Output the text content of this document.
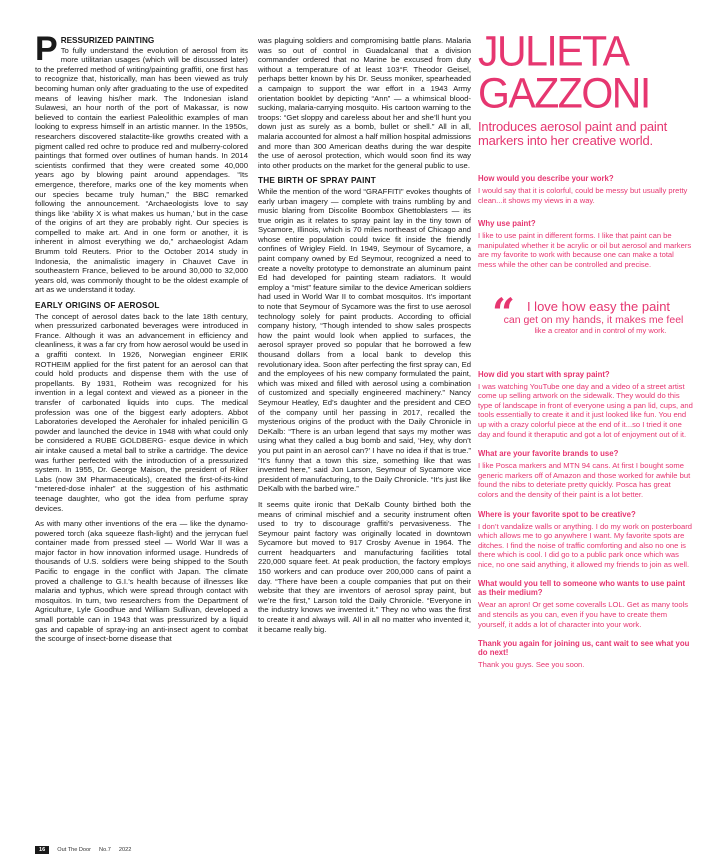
P RESSURIZED PAINTING
To fully understand the evolution of aerosol from its more utilitarian usages (which will be discussed later) to the preferred method of writing/painting graffiti, one first has to recognize that, historically, man has been viewed as truly becoming human only after graduating to the use of expedited means of leaving his/her mark. The Indonesian island Sulawesi, an hour north of the port of Makassar, is now believed to contain the earliest Paleolithic examples of man looking to express himself in an artistic manner. In the 1950s, researchers discovered stalactite-like growths created with a pigment called red ochre to produce red and mulberry-colored paintings that formed over outlines of human hands. In 2014 scientists confirmed that they were created some 40,000 years ago by blowing paint around appendages. “Its emergence, therefore, marks one of the key moments when our species became truly human,” the BBC remarked following the announcement. “Archaeologists love to say things like ‘ability X is what makes us human,’ but in the case of the origins of art they are probably right. Our species is compelled to make art. And in one form or another, it is inherent in almost everything we do,” archaeologist Adam Brumm told Reuters. Prior to the October 2014 study in Indonesia, the animalistic imagery in Chauvet Cave in southeastern France, believed to be around 30,000 to 32,000 years old, was commonly thought to be the oldest example of art as we understand it today.

EARLY ORIGINS OF AEROSOL

The concept of aerosol dates back to the late 18th century, when pressurized carbonated beverages were introduced in France. Although it was an advancement in efficiency and cleanliness, it was a far cry from how aerosol would be used in a graffiti context. In 1926, Norwegian engineer ERIK ROTHEIM applied for the first patent for an aerosol can that could hold products and dispense them with the use of propellants. By 1931, Rotheim was recognized for his invention in a legal context and viewed as a pioneer in the transfer of carbonated liquids into cups. The medical profession was one of the biggest early adopters. Abbot Laboratories developed the Aerohaler for inhaled penicillin G powder and launched the device in 1948 with what could only be considered a RUBE GOLDBERG- esque device in which air intake caused a metal ball to strike a cartridge. The device was further perfected with the introduction of a pressurized system. In 1955, Dr. George Maison, the president of Riker Labs (now 3M Pharmaceuticals), created the first-of-its-kind “metered-dose inhaler” at the suggestion of his asthmatic teenage daughter, who got the idea from perfume spray devices.

As with many other inventions of the era — like the dynamo-powered torch (aka squeeze flash-light) and the jerrycan fuel container made from pressed steel — World War II was a major factor in how innovation informed usage. Hundreds of thousands of U.S. soldiers were being shipped to the South Pacific to engage in the conflict with Japan. The climate proved a challenge to G.I.’s health because of illnesses like malaria and typhus, which were spread through contact with mosquitos. In turn, two researchers from the Department of Agriculture, Lyle Goodhue and William Sullivan, developed a small portable can in 1943 that was pressurized by a liquid gas and capable of spray-ing an anti-insect agent to combat the scourge of insect-borne disease that

was plaguing soldiers and compromising battle plans. Malaria was so out of control in Guadalcanal that a division commander ordered that no Marine be excused from duty without a temperature of at least 103°F. Theodor Geisel, perhaps better known by his Dr. Seuss moniker, spearheaded a campaign to support the war effort in a 1943 Army orientation booklet by depicting “Ann” — a whimsical blood-sucking, malaria-carrying mosquito. His cartoon warning to the troops: “Get sloppy and careless about her and she’ll hunt you down just as surely as a bomb, bullet or shell.” All in all, malaria accounted for almost a half million hospital admissions and more than 300 American deaths during the war despite the use of aerosol protection, which would soon find its way into other products on the market for the general public to use.

THE BIRTH OF SPRAY PAINT

While the mention of the word “GRAFFITI” evokes thoughts of early urban imagery — complete with trains rumbling by and music blaring from Discolite Boombox Ghettoblasters — its true origin as it relates to spray paint lay in the tiny town of Sycamore, Illinois, which is 70 miles northeast of Chicago and whose entire population could twice fit inside the friendly confines of Wrigley Field. In 1949, Seymour of Sycamore, a paint company owned by Ed Seymour, recognized a need to create a novelty prototype to demonstrate an aluminum paint Ed had developed for painting steam radiators. It would employ a “mist” feature similar to the device American soldiers had used in World War II to combat mosquitos. It’s important to note that Seymour of Sycamore was the first to use aerosol technology solely for paint products. According to official company history, “Though intended to show sales prospects how the paint would look when applied to surfaces, the aerosol sprayer proved so popular that he borrowed a few thousand dollars from a local bank to develop this revolutionary idea. Soon after perfecting the first spray can, Ed and the employees of his new company formulated the paint, which was mixed and filled with aerosol using a combination of customized and specially engineered machinery.” Nancy Seymour Heatley, Ed’s daughter and the president and CEO of the company until her passing in 2017, recalled the mysterious origins of the product with the Daily Chronicle in DeKalb: “There is an urban legend that says my mother was using what they called a bug bomb and said, ‘Hey, why don’t you put paint in an aerosol can?’ I have no idea if that is true.” “It’s funny that a town this size, something like that was invented here,” said Jon Larson, Seymour of Sycamore vice president of manufacturing, to the Daily Chronicle. “It’s just like DeKalb with the barbed wire.”

It seems quite ironic that DeKalb County birthed both the means of criminal mischief and a security instrument often used to try to discourage graffiti’s pervasiveness. The Seymour paint factory was originally located in downtown Sycamore but moved to 917 Crosby Avenue in 1964. The current headquarters and manufacturing facilities total 220,000 square feet. At peak production, the factory employs 150 workers and can produce over 200,000 cans of paint a day. “There have been a couple companies that put on their website that they are inventors of aerosol spray paint, but we’re the first,” Larson told the Daily Chronicle. “Everyone in the industry knows we invented it.” They no who was the first to create it and always will. All in all no matter who invented it, it became really big.

JULIETA
GAZZONI

Introduces aerosol paint and paint markers into her creative world.

How would you describe your work?

I would say that it is colorful, could be messy but usually pretty clean...it shows my views in a way.

Why use paint?

I like to use paint in different forms. I like that paint can be manipulated whether it be acrylic or oil but aerosol and markers are my favorite to work with because one can make a total mess while the other can be controlled and precise.

“ I love how easy the paint
can get on my hands, it makes me feel
like a creator and in control of my work.

How did you start with spray paint?

I was watching YouTube one day and a video of a street artist come up selling artwork on the sidewalk. They would do this type of landscape in front of everyone using a pan lid, cups, and tools essentially to create it and it just looked like fun. You end up with a crazy colorful piece at the end of it...so I tried it one day and found it theraputic and got a lot of enjoyment out of it.

What are your favorite brands to use?

I like Posca markers and MTN 94 cans. At first I bought some generic markers off of Amazon and those worked for awhile but found the nibs to deteriate pretty quickly. Posca has great colors and the density of their paint is a lot better.

Where is your favorite spot to be creative?

I don’t vandalize walls or anything. I do my work on posterboard which allows me to go anywhere I want. My favorite spots are ditches. I find the noise of traffic comforting and also no one is there which is cool. I did go to a public park once which was nice, no one said anything, it allowed my friends to join as well.

What would you tell to someone who wants to use paint as their medium?

Wear an apron! Or get some coveralls LOL. Get as many tools and stencils as you can, even if you have to create them yourself, it adds a lot of character into your work.

Thank you again for joining us, cant wait to see what you do next!

Thank you guys. See you soon.

16	Out The Door No.7 2022
